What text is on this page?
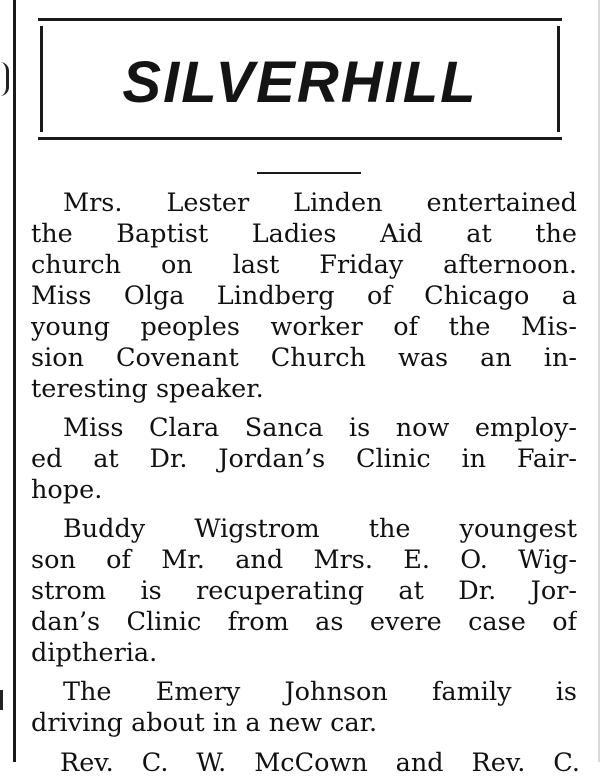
SILVERHILL
Mrs. Lester Linden entertained
the Baptist Ladies Aid at the
church on last Friday afternoon.
Miss Olga Lindberg of Chicago a
young peoples worker of the Mis-
sion Covenant Church was an in-
teresting speaker.
Miss Clara Sanca is now employ-
ed at Dr. Jordan’s Clinic in Fair-
hope.
Buddy Wigstrom the youngest
son of Mr. and Mrs. E. O. Wig-
strom is recuperating at Dr. Jor-
dan’s Clinic from as evere case of
diptheria.
The Emery Johnson family is
driving about in a new car.
Rev. C. W. McCown and Rev. C.
